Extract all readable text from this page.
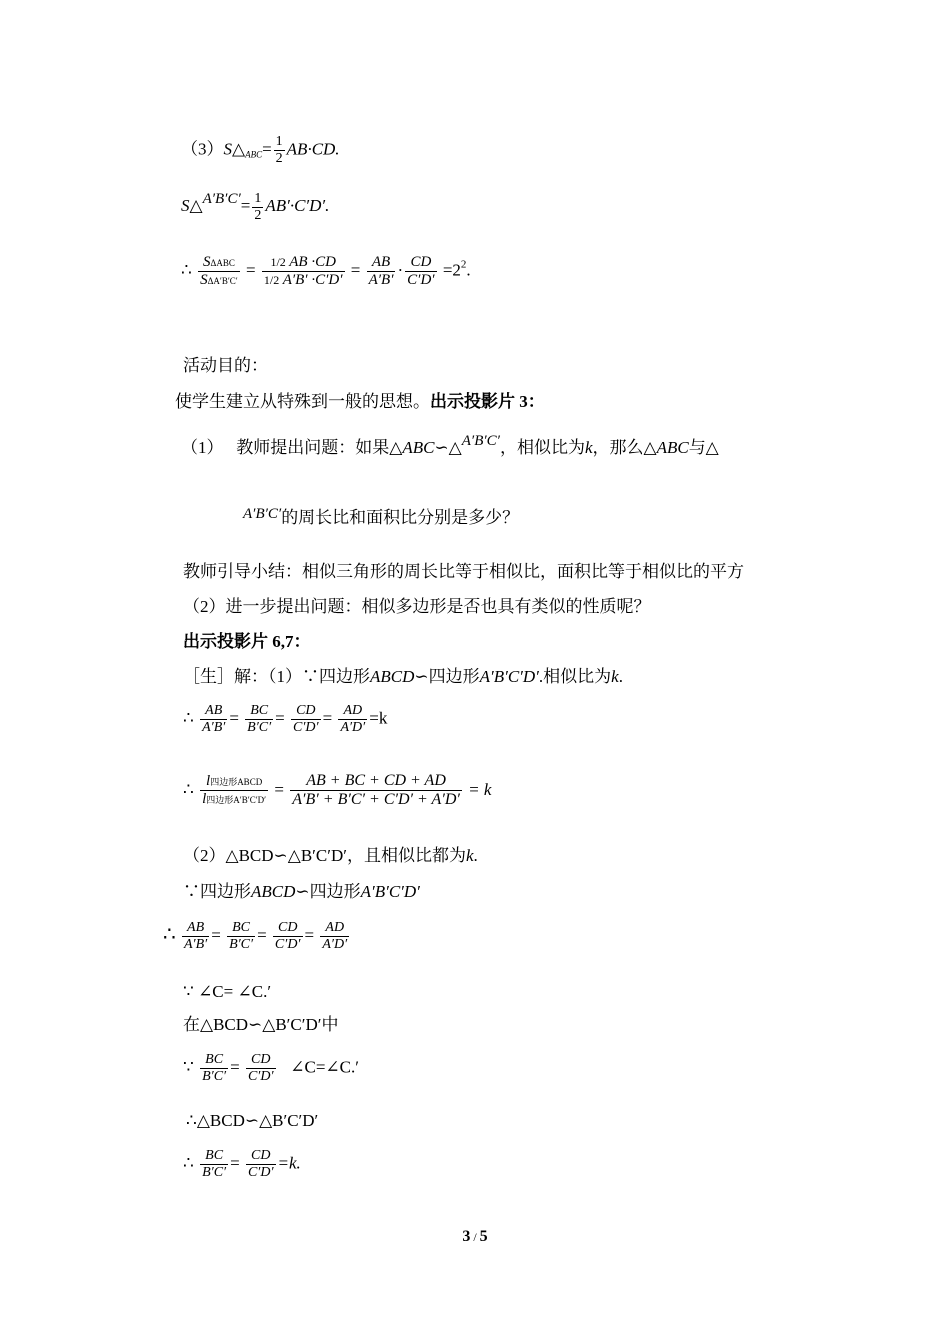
$(3)S\triangle_{ABC}= \frac{1}{2} AB\cdot CD$.
S△A′B′C′= $\frac{1}{2} AB'\cdot C'D'$.
∴ $\frac{\text{SΔABC}}{\text{SΔA′B′C′}} = \frac{1/2 AB \cdot CD}{1/2 A'B' \cdot C'D'} = \frac{AB}{A'B'} \cdot \frac{CD}{C'D'} =2^2$.
活动目的：
使学生建立从特殊到一般的思想。出示投影片 3：
（1） 教师提出问题：如果△ABC∽△A′B′C′，相似比为k，那么△ABC与△
A′B′C′的周长比和面积比分别是多少？
教师引导小结：相似三角形的周长比等于相似比，面积比等于相似比的平方
（2）进一步提出问题：相似多边形是否也具有类似的性质呢？
出示投影片 6,7：
［生］解：（1）∵四边形ABCD∽四边形A′B′C′D′.相似比为k.
∴ $\frac{AB}{A'B'} = \frac{BC}{B'C'} = \frac{CD}{C'D'} = \frac{AD}{A'D'} =k$
∴ $\frac{\text{l四边形ABCD}}{\text{l四边形A′B′C′D′}} = \frac{AB + BC + CD + AD}{A'B' + B'C' + C'D' + A'D'} = k$
（2）△BCD∽△B′C′D′，且相似比都为k.
∵四边形ABCD∽四边形A′B′C′D′
∴ $\frac{AB}{A'B'} = \frac{BC}{B'C'} = \frac{CD}{C'D'} = \frac{AD}{A'D'}$
∵ ∠C= ∠C.′
在△BCD∽△B′C′D′中
∵ $\frac{BC}{B'C'} = \frac{CD}{C'D'}$ ∠C=∠C.′
∴△BCD∽△B′C′D′
∴ $\frac{BC}{B'C'} = \frac{CD}{C'D'} =k$.
3 / 5
